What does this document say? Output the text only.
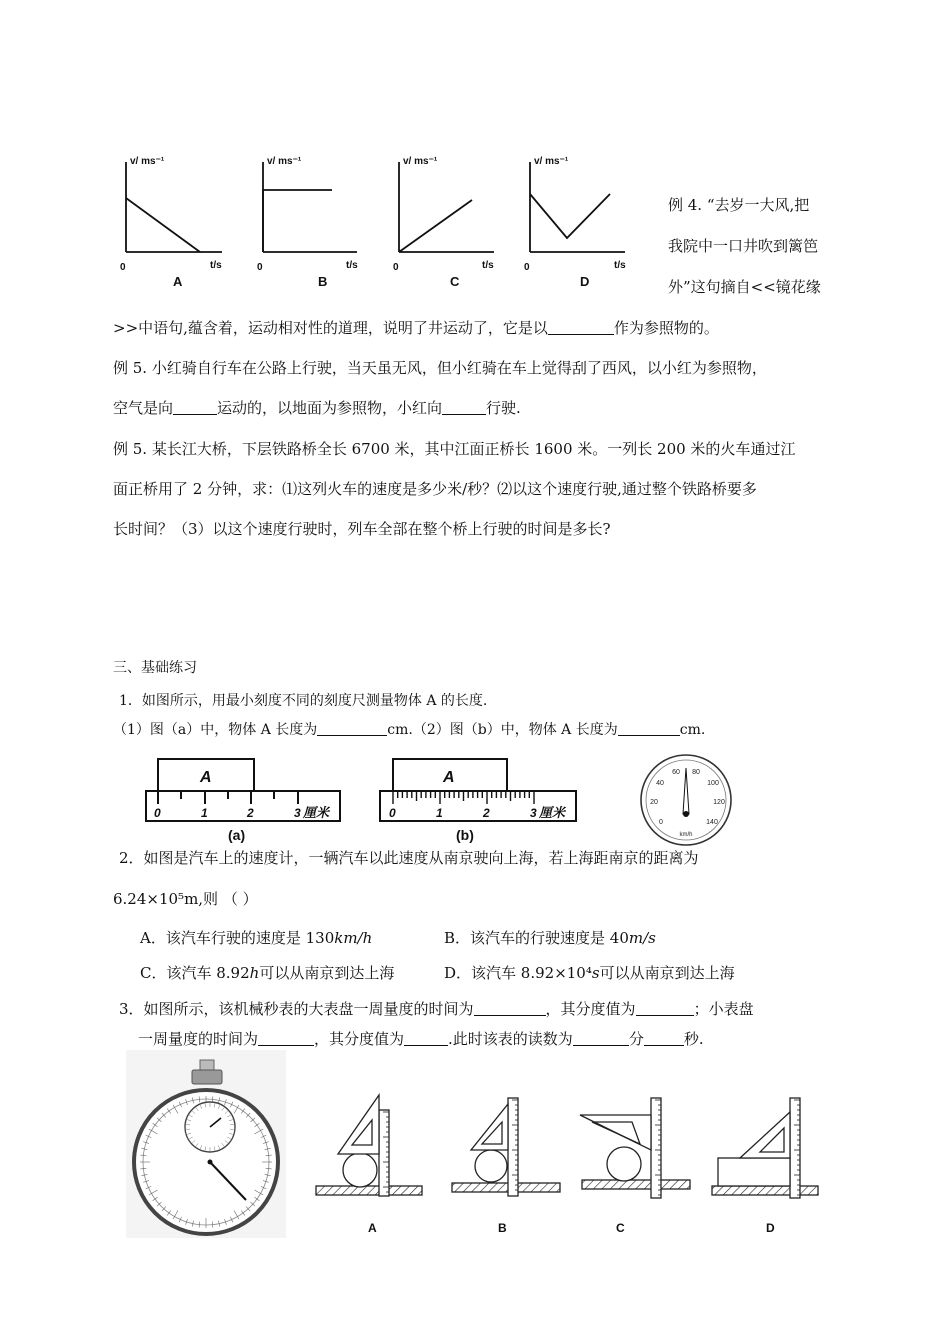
v/ ms⁻¹	v/ ms⁻¹	v/ ms⁻¹	v/ ms⁻¹
t/s	t/s	t/s	t/s
0	0	0	0
A	B	C	D
例 4. “去岁一大风,把
我院中一口井吹到篱笆
外”这句摘自<<镜花缘
>>中语句,蕴含着，运动相对性的道理，说明了井运动了，它是以	作为参照物的。
例 5. 小红骑自行车在公路上行驶，当天虽无风，但小红骑在车上觉得刮了西风，以小红为参照物，
空气是向	运动的，以地面为参照物，小红向	行驶.
例 5. 某长江大桥，下层铁路桥全长 6700 米，其中江面正桥长 1600 米。一列长 200 米的火车通过江
面正桥用了 2 分钟，求：⑴这列火车的速度是多少米/秒？⑵以这个速度行驶,通过整个铁路桥要多
长时间？（3）以这个速度行驶时，列车全部在整个桥上行驶的时间是多长?
三、基础练习
1．如图所示，用最小刻度不同的刻度尺测量物体 A 的长度.
（1）图（a）中，物体 A 长度为	cm.（2）图（b）中，物体 A 长度为	cm.
A	A
0	1	2	3	0	1	2	3
厘米	厘米
(a)	(b)
0
20
40
60 80
100
120
140
km/h
2．如图是汽车上的速度计，一辆汽车以此速度从南京驶向上海，若上海距南京的距离为
6.24×10⁵m,则 （ ）
A．该汽车行驶的速度是 130km/h	B．该汽车的行驶速度是 40m/s
C．该汽车 8.92h可以从南京到达上海	D．该汽车 8.92×10⁴s可以从南京到达上海
3．如图所示，该机械秒表的大表盘一周量度的时间为	，其分度值为	；小表盘
一周量度的时间为	，其分度值为	.此时该表的读数为	分	秒.
A	B	C	D
